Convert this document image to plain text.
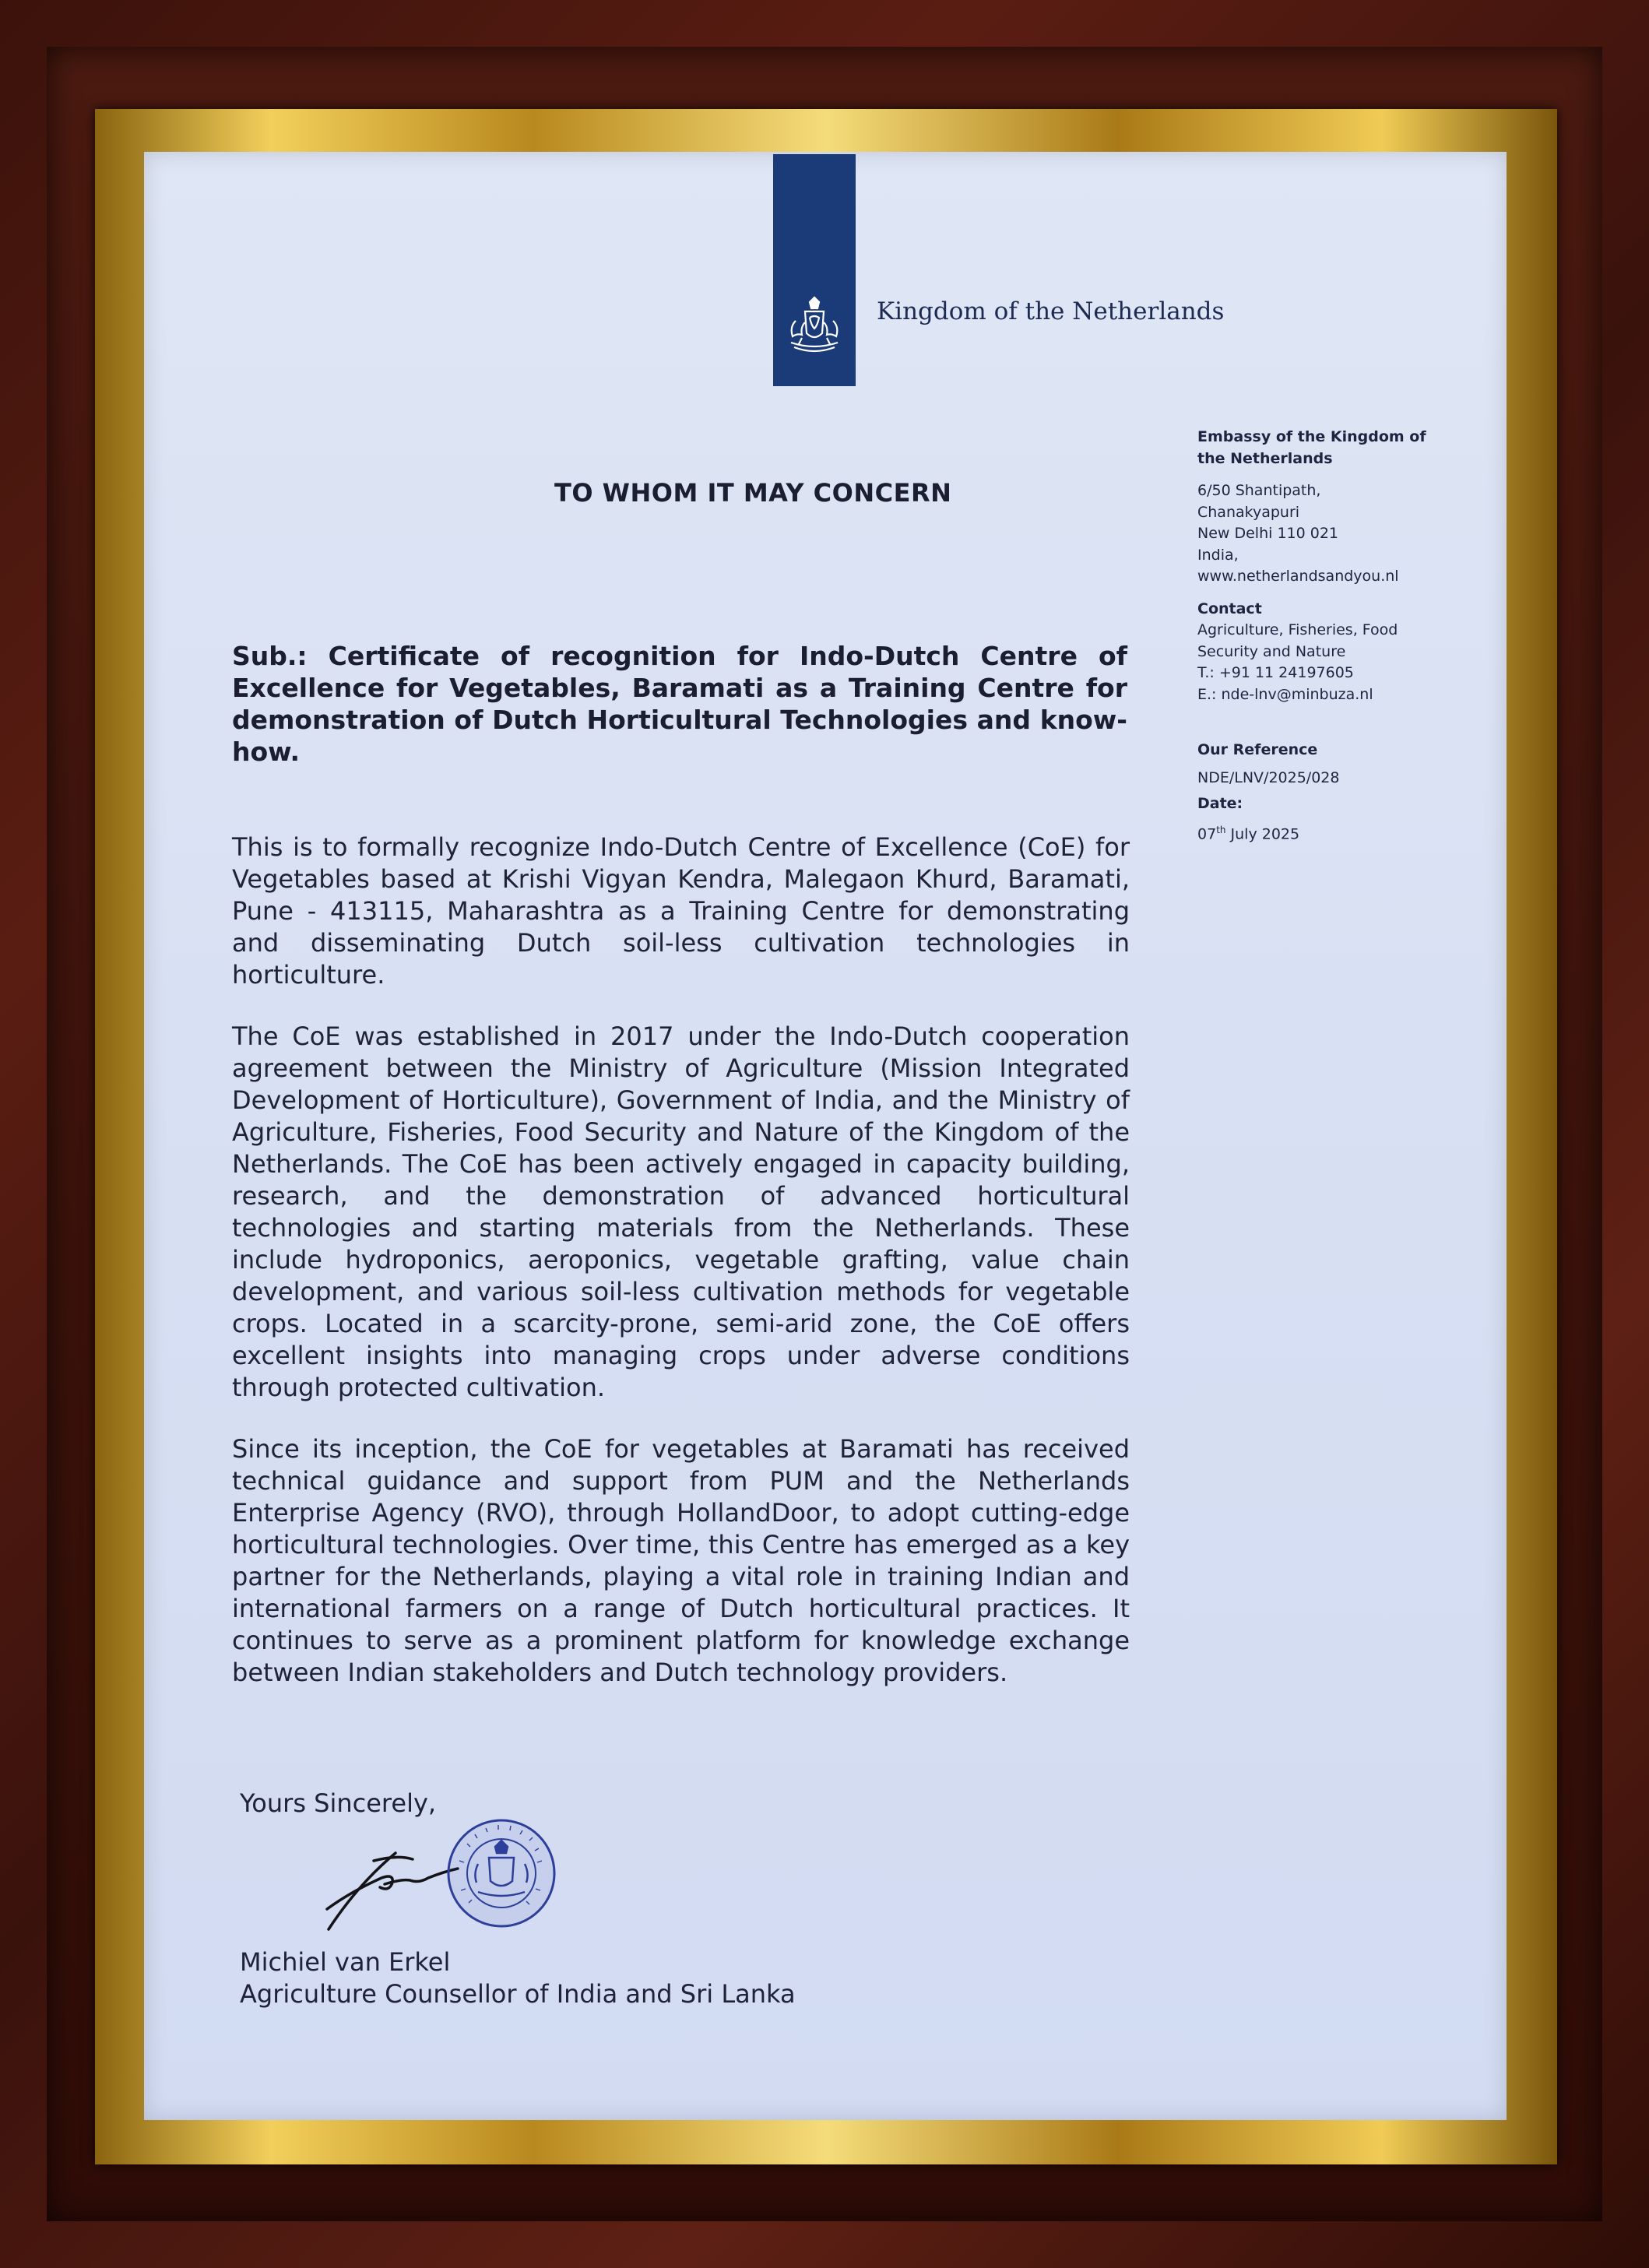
Kingdom of the Netherlands
Embassy of the Kingdom of
the Netherlands
6/50 Shantipath,
Chanakyapuri
New Delhi 110 021
India,
www.netherlandsandyou.nl
Contact
Agriculture, Fisheries, Food
Security and Nature
T.: +91 11 24197605
E.: nde-lnv@minbuza.nl
Our Reference
NDE/LNV/2025/028
Date:
07th July 2025
TO WHOM IT MAY CONCERN
Sub.: Certificate of recognition for Indo-Dutch Centre of Excellence for Vegetables, Baramati as a Training Centre for demonstration of Dutch Horticultural Technologies and know-how.
This is to formally recognize Indo-Dutch Centre of Excellence (CoE) for Vegetables based at Krishi Vigyan Kendra, Malegaon Khurd, Baramati, Pune - 413115, Maharashtra as a Training Centre for demonstrating and disseminating Dutch soil-less cultivation technologies in horticulture.
The CoE was established in 2017 under the Indo-Dutch cooperation agreement between the Ministry of Agriculture (Mission Integrated Development of Horticulture), Government of India, and the Ministry of Agriculture, Fisheries, Food Security and Nature of the Kingdom of the Netherlands. The CoE has been actively engaged in capacity building, research, and the demonstration of advanced horticultural technologies and starting materials from the Netherlands. These include hydroponics, aeroponics, vegetable grafting, value chain development, and various soil-less cultivation methods for vegetable crops. Located in a scarcity-prone, semi-arid zone, the CoE offers excellent insights into managing crops under adverse conditions through protected cultivation.
Since its inception, the CoE for vegetables at Baramati has received technical guidance and support from PUM and the Netherlands Enterprise Agency (RVO), through HollandDoor, to adopt cutting-edge horticultural technologies. Over time, this Centre has emerged as a key partner for the Netherlands, playing a vital role in training Indian and international farmers on a range of Dutch horticultural practices. It continues to serve as a prominent platform for knowledge exchange between Indian stakeholders and Dutch technology providers.
Yours Sincerely,
Michiel van Erkel
Agriculture Counsellor of India and Sri Lanka
